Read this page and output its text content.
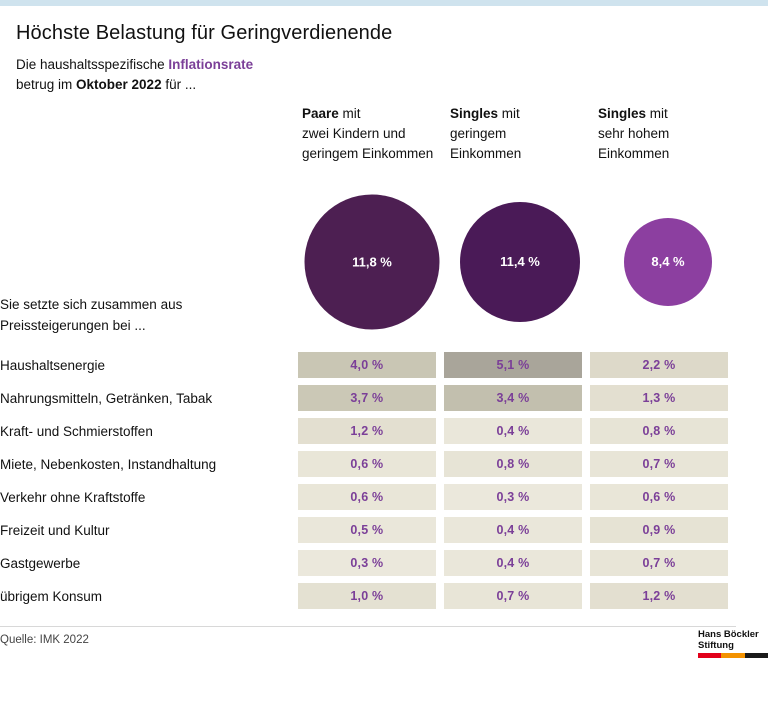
Höchste Belastung für Geringverdienende
Die haushaltsspezifische Inflationsrate
betrug im Oktober 2022 für ...
Paare mit
zwei Kindern und
geringem Einkommen
Singles mit
geringem
Einkommen
Singles mit
sehr hohem
Einkommen
11,8 %	11,4 %	8,4 %
Sie setzte sich zusammen aus Preissteigerungen bei ...
Haushaltsenergie	4,0 %	5,1 %	2,2 %
Nahrungsmitteln, Getränken, Tabak	3,7 %	3,4 %	1,3 %
Kraft- und Schmierstoffen	1,2 %	0,4 %	0,8 %
Miete, Nebenkosten, Instandhaltung	0,6 %	0,8 %	0,7 %
Verkehr ohne Kraftstoffe	0,6 %	0,3 %	0,6 %
Freizeit und Kultur	0,5 %	0,4 %	0,9 %
Gastgewerbe	0,3 %	0,4 %	0,7 %
übrigem Konsum	1,0 %	0,7 %	1,2 %
Quelle: IMK 2022	Hans Böckler
Stiftung
